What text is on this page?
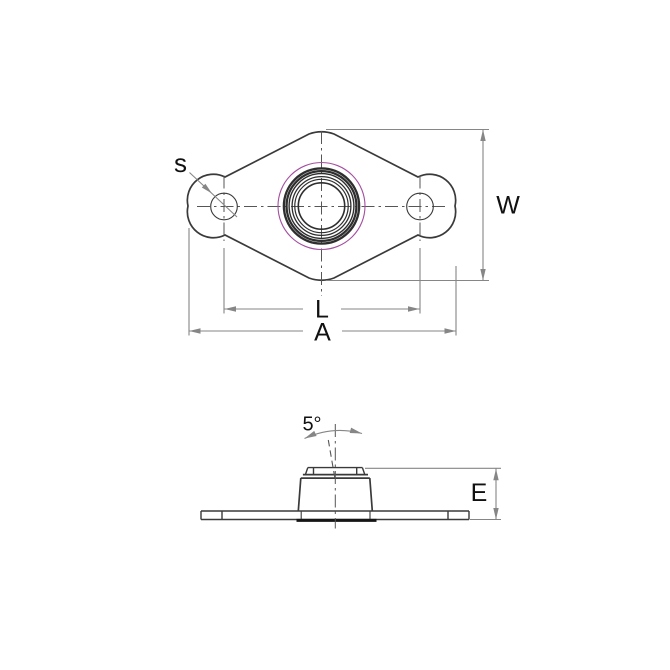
s
W
L
A
5°
E
